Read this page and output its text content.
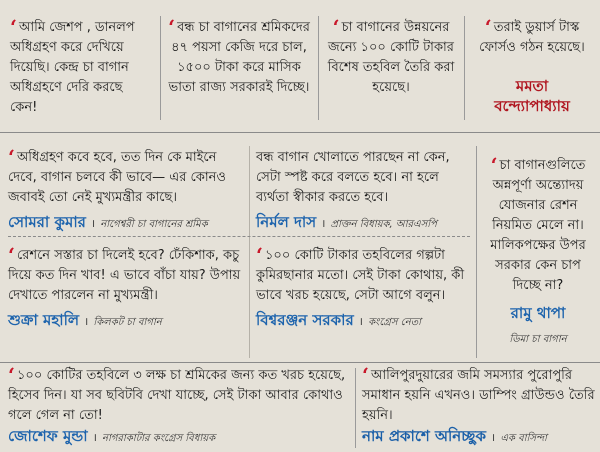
‘ আমি জেশপ , ডানলপ অধিগ্রহণ করে দেখিয়ে দিয়েছি। কেন্দ্র চা বাগান অধিগ্রহণে দেরি করছে কেন!
‘ বন্ধ চা বাগানের শ্রমিকদের ৪৭ পয়সা কেজি দরে চাল, ১৫০০ টাকা করে মাসিক ভাতা রাজ্য সরকারই দিচ্ছে।
‘ চা বাগানের উন্নয়নের জন্যে ১০০ কোটি টাকার বিশেষ তহবিল তৈরি করা হয়েছে।
‘ তরাই ডুয়ার্স টাস্ক ফোর্সও গঠন হয়েছে।
মমতা
বন্দ্যোপাধ্যায়
‘ অধিগ্রহণ কবে হবে, তত দিন কে মাইনে দেবে, বাগান চলবে কী ভাবে— এর কোনও জবাবই তো নেই মুখ্যমন্ত্রীর কাছে।
সোমরা কুমার । নাগেশ্বরী চা বাগানের শ্রমিক
বন্ধ বাগান খোলাতে পারছেন না কেন, সেটা স্পষ্ট করে বলতে হবে। না হলে ব্যর্থতা স্বীকার করতে হবে।
নির্মল দাস । প্রাক্তন বিধায়ক, আরএসপি
‘ চা বাগানগুলিতে অন্নপূর্ণা অন্ত্যোদয় যোজনার রেশন নিয়মিত মেলে না। মালিকপক্ষের উপর সরকার কেন চাপ দিচ্ছে না?
রামু থাপা
ডিমা চা বাগান
‘ রেশনে সস্তার চা দিলেই হবে? ঢেঁকিশাক, কচু দিয়ে কত দিন খাব! এ ভাবে বাঁচা যায়? উপায় দেখাতে পারলেন না মুখ্যমন্ত্রী।
শুক্রা মহালি । কিলকট চা বাগান
‘ ১০০ কোটি টাকার তহবিলের গল্পটা কুমিরছানার মতো। সেই টাকা কোথায়, কী ভাবে খরচ হয়েছে, সেটা আগে বলুন।
বিশ্বরঞ্জন সরকার । কংগ্রেস নেতা
‘ ১০০ কোটির তহবিলে ৩ লক্ষ চা শ্রমিকের জন্য কত খরচ হয়েছে, হিসেব দিন। যা সব ছবিটবি দেখা যাচ্ছে, সেই টাকা আবার কোথাও গলে গেল না তো!
জোশেফ মুন্ডা । নাগরাকাটার কংগ্রেস বিধায়ক
‘ আলিপুরদুয়ারের জমি সমস্যার পুরোপুরি সমাধান হয়নি এখনও। ডাম্পিং গ্রাউন্ডও তৈরি হয়নি।
নাম প্রকাশে অনিচ্ছুক । এক বাসিন্দা
